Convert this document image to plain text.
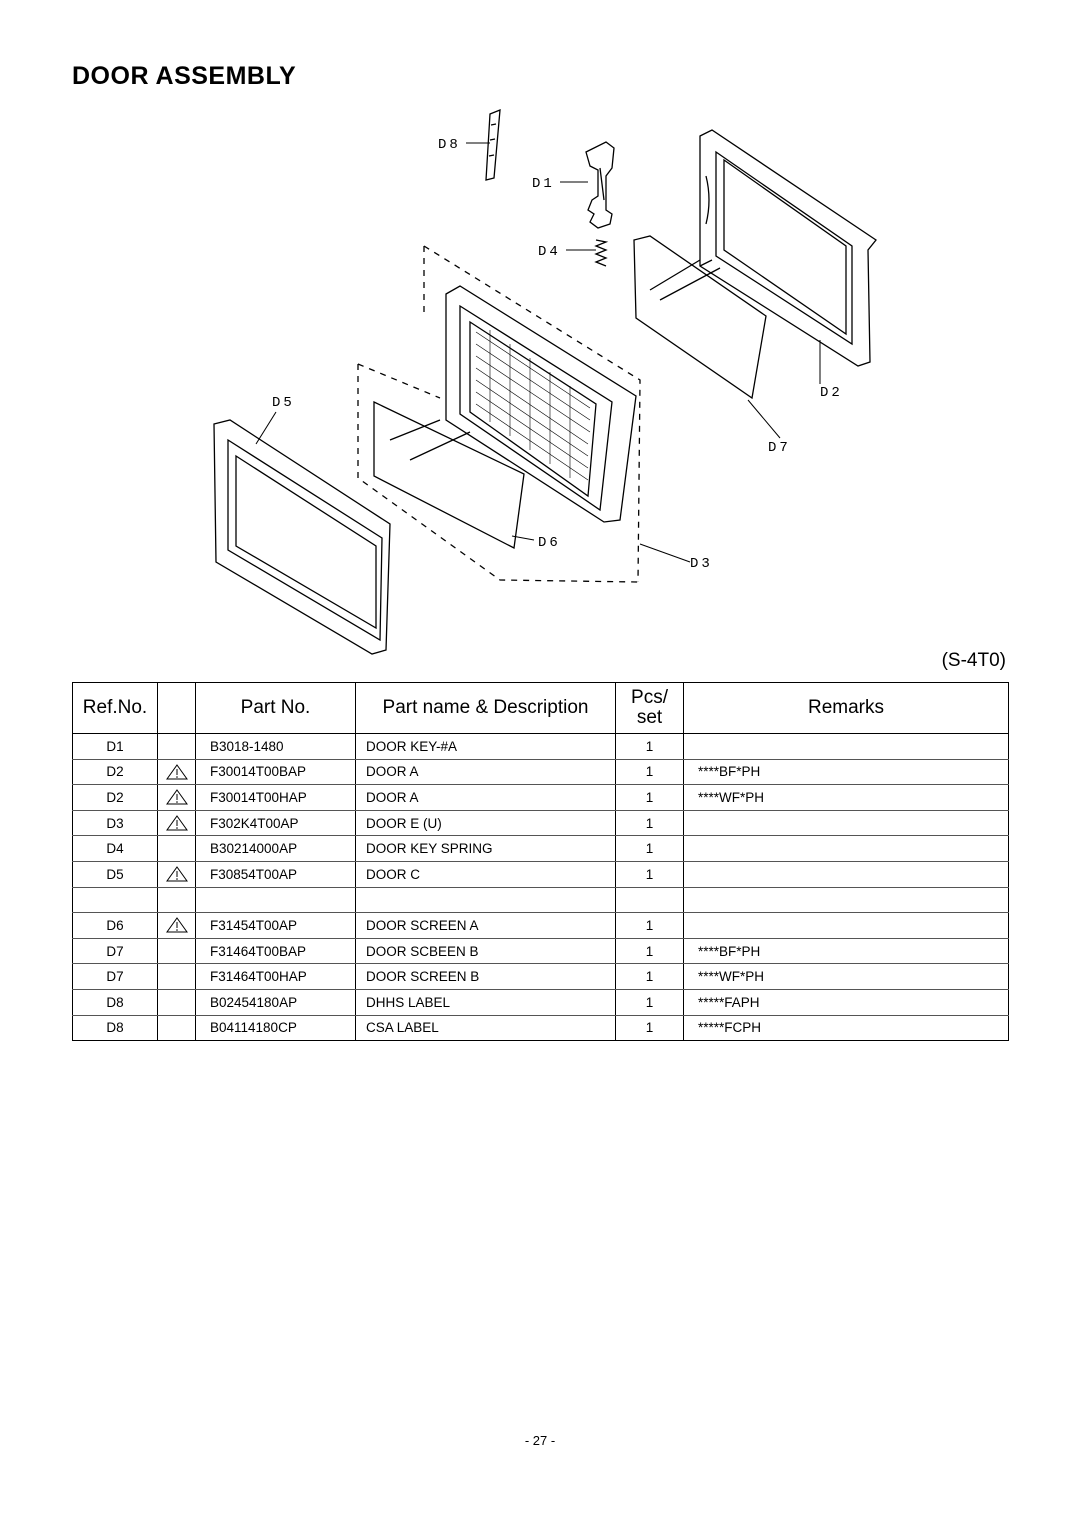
DOOR ASSEMBLY
D8
D1
D4
D5
D2
D7
D6
D3
(S-4T0)
Ref.No.		Part No.	Part name & Description	Pcs/
set	Remarks
D1		B3018-1480	DOOR KEY-#A	1	
D2		F30014T00BAP	DOOR A	1	****BF*PH
D2		F30014T00HAP	DOOR A	1	****WF*PH
D3		F302K4T00AP	DOOR E (U)	1	
D4		B30214000AP	DOOR KEY SPRING	1	
D5		F30854T00AP	DOOR C	1	

D6		F31454T00AP	DOOR SCREEN A	1	
D7		F31464T00BAP	DOOR SCBEEN B	1	****BF*PH
D7		F31464T00HAP	DOOR SCREEN B	1	****WF*PH
D8		B02454180AP	DHHS LABEL	1	*****FAPH
D8		B04114180CP	CSA LABEL	1	*****FCPH
- 27 -
